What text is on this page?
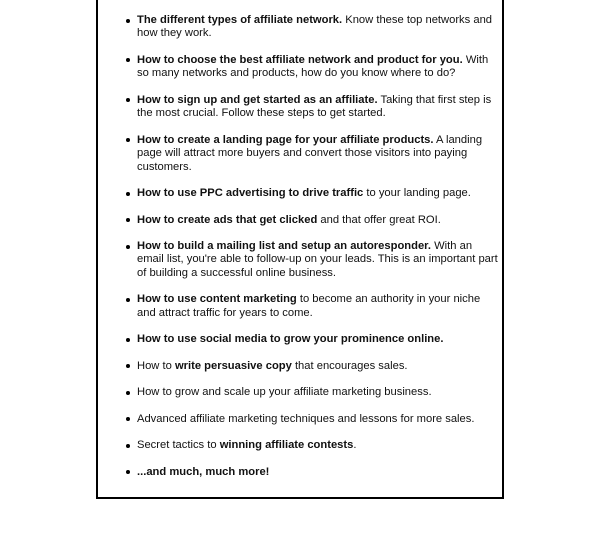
The different types of affiliate network. Know these top networks and how they work.
How to choose the best affiliate network and product for you. With so many networks and products, how do you know where to do?
How to sign up and get started as an affiliate. Taking that first step is the most crucial. Follow these steps to get started.
How to create a landing page for your affiliate products. A landing page will attract more buyers and convert those visitors into paying customers.
How to use PPC advertising to drive traffic to your landing page.
How to create ads that get clicked and that offer great ROI.
How to build a mailing list and setup an autoresponder. With an email list, you're able to follow-up on your leads. This is an important part of building a successful online business.
How to use content marketing to become an authority in your niche and attract traffic for years to come.
How to use social media to grow your prominence online.
How to write persuasive copy that encourages sales.
How to grow and scale up your affiliate marketing business.
Advanced affiliate marketing techniques and lessons for more sales.
Secret tactics to winning affiliate contests.
...and much, much more!
